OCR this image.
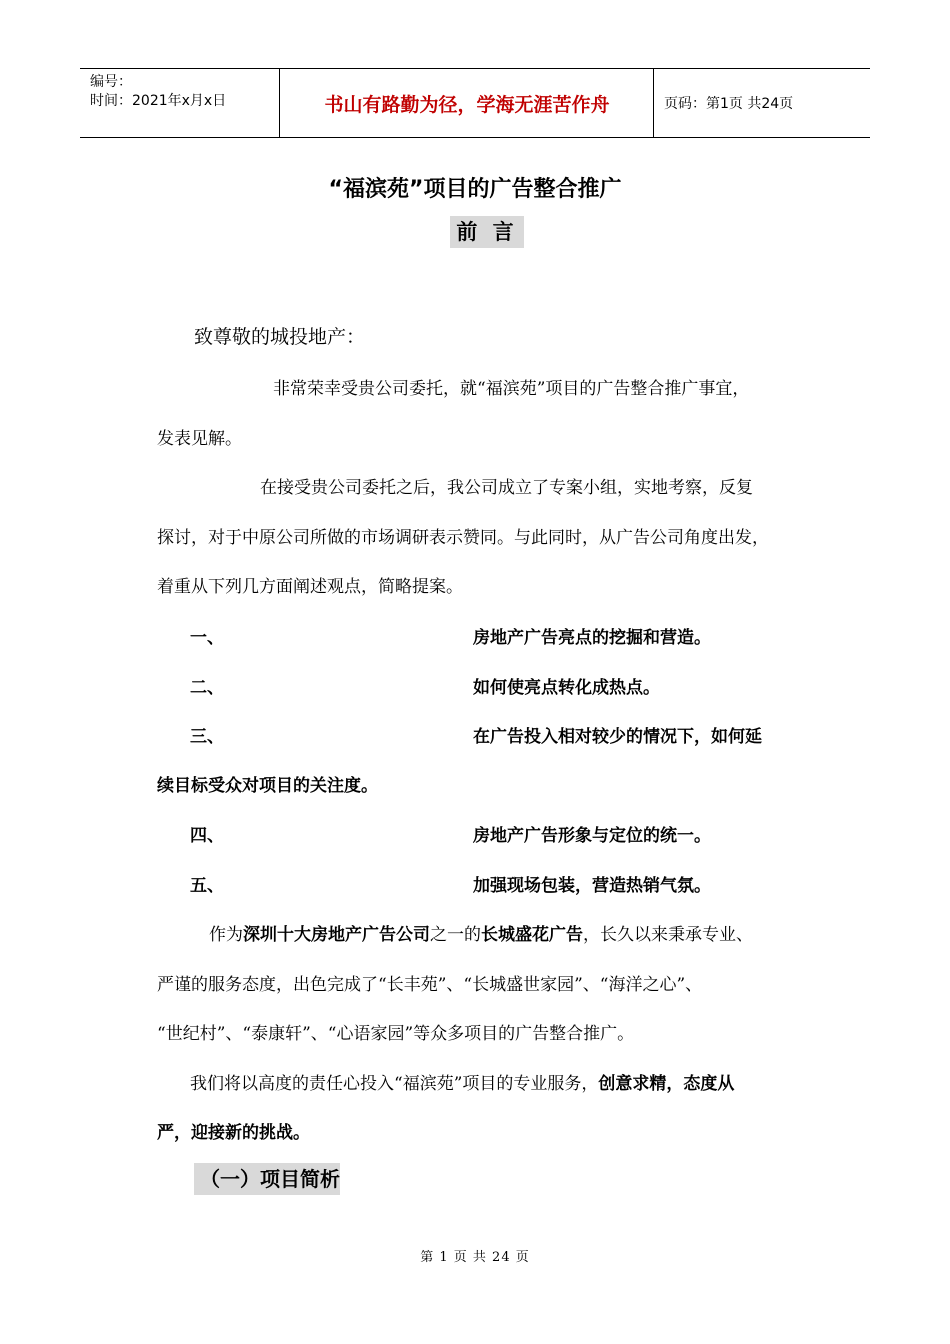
编号：
时间：2021年x月x日	书山有路勤为径，学海无涯苦作舟	页码：第1页 共24页
“福滨苑”项目的广告整合推广
前 言
致尊敬的城投地产：
非常荣幸受贵公司委托，就“福滨苑”项目的广告整合推广事宜，
发表见解。
在接受贵公司委托之后，我公司成立了专案小组，实地考察，反复
探讨，对于中原公司所做的市场调研表示赞同。与此同时，从广告公司角度出发，
着重从下列几方面阐述观点，简略提案。
一、	房地产广告亮点的挖掘和营造。
二、	如何使亮点转化成热点。
三、	在广告投入相对较少的情况下，如何延
续目标受众对项目的关注度。
四、	房地产广告形象与定位的统一。
五、	加强现场包装，营造热销气氛。
作为深圳十大房地产广告公司之一的长城盛花广告，长久以来秉承专业、
严谨的服务态度，出色完成了“长丰苑”、“长城盛世家园”、“海洋之心”、
“世纪村”、“泰康轩”、“心语家园”等众多项目的广告整合推广。
我们将以高度的责任心投入“福滨苑”项目的专业服务，创意求精，态度从
严，迎接新的挑战。
（一）项目简析
第 1 页 共 24 页
